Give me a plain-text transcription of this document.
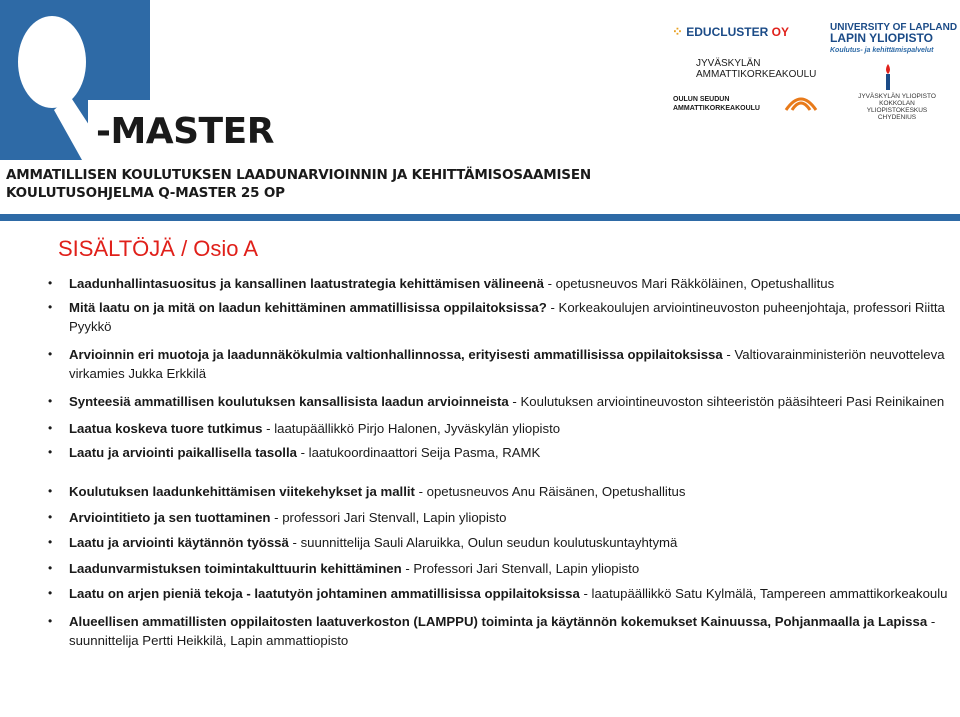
-MASTER
AMMATILLISEN KOULUTUKSEN LAADUNARVIOINNIN JA KEHITTÄMISOSAAMISEN
KOULUTUSOHJELMA Q-MASTER 25 OP
⁘ EDUCLUSTER OY	UNIVERSITY OF LAPLAND
LAPIN YLIOPISTO
Koulutus- ja kehittämispalvelut
JYVÄSKYLÄN
AMMATTIKORKEAKOULU
OULUN SEUDUN
AMMATTIKORKEAKOULU
JYVÄSKYLÄN YLIOPISTO
KOKKOLAN YLIOPISTOKESKUS
CHYDENIUS
SISÄLTÖJÄ / Osio A
• Laadunhallintasuositus ja kansallinen laatustrategia kehittämisen välineenä - opetusneuvos Mari Räkköläinen, Opetushallitus
• Mitä laatu on ja mitä on laadun kehittäminen ammatillisissa oppilaitoksissa? - Korkeakoulujen arviointineuvoston puheenjohtaja, professori Riitta Pyykkö
• Arvioinnin eri muotoja ja laadunnäkökulmia valtionhallinnossa, erityisesti ammatillisissa oppilaitoksissa - Valtiovarainministeriön neuvotteleva virkamies Jukka Erkkilä
• Synteesiä ammatillisen koulutuksen kansallisista laadun arvioinneista - Koulutuksen arviointineuvoston sihteeristön pääsihteeri Pasi Reinikainen
• Laatua koskeva tuore tutkimus - laatupäällikkö Pirjo Halonen, Jyväskylän yliopisto
• Laatu ja arviointi paikallisella tasolla - laatukoordinaattori Seija Pasma, RAMK
• Koulutuksen laadunkehittämisen viitekehykset ja mallit - opetusneuvos Anu Räisänen, Opetushallitus
• Arviointitieto ja sen tuottaminen - professori Jari Stenvall, Lapin yliopisto
• Laatu ja arviointi käytännön työssä - suunnittelija Sauli Alaruikka, Oulun seudun koulutuskuntayhtymä
• Laadunvarmistuksen toimintakulttuurin kehittäminen - Professori Jari Stenvall, Lapin yliopisto
• Laatu on arjen pieniä tekoja - laatutyön johtaminen ammatillisissa oppilaitoksissa - laatupäällikkö Satu Kylmälä, Tampereen ammattikorkeakoulu
• Alueellisen ammatillisten oppilaitosten laatuverkoston (LAMPPU) toiminta ja käytännön kokemukset Kainuussa, Pohjanmaalla ja Lapissa - suunnittelija Pertti Heikkilä, Lapin ammattiopisto
